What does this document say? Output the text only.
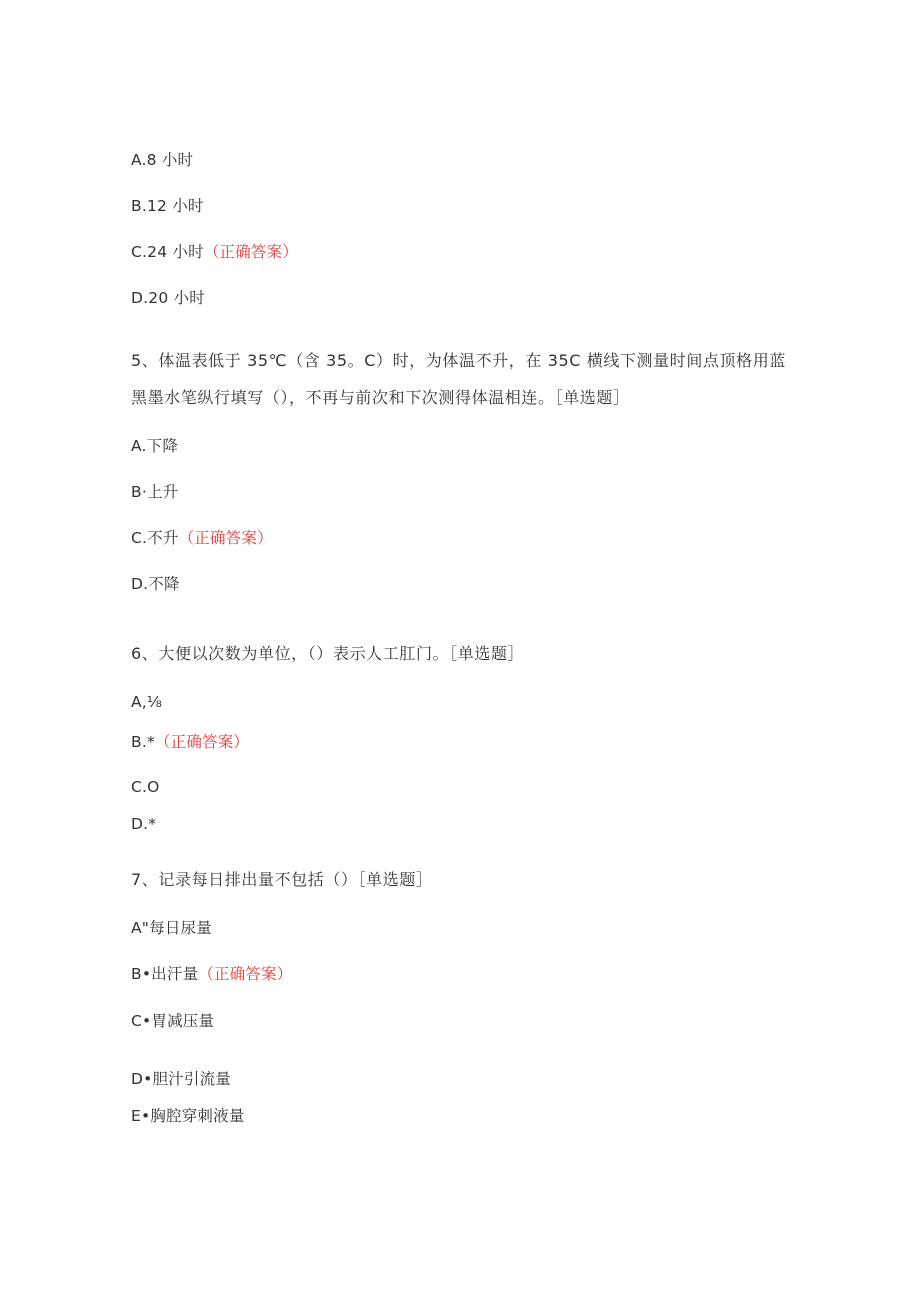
A.8 小时
B.12 小时
C.24 小时（正确答案）
D.20 小时
5、体温表低于 35℃（含 35。C）时，为体温不升，在 35C 横线下测量时间点顶格用蓝
黑墨水笔纵行填写（），不再与前次和下次测得体温相连。［单选题］
A.下降
B·上升
C.不升（正确答案）
D.不降
6、大便以次数为单位，（）表示人工肛门。［单选题］
A,⅛
B.*（正确答案）
C.O
D.*
7、记录每日排出量不包括（）［单选题］
A"每日尿量
B•出汗量（正确答案）
C•胃减压量
D•胆汁引流量
E•胸腔穿刺液量
